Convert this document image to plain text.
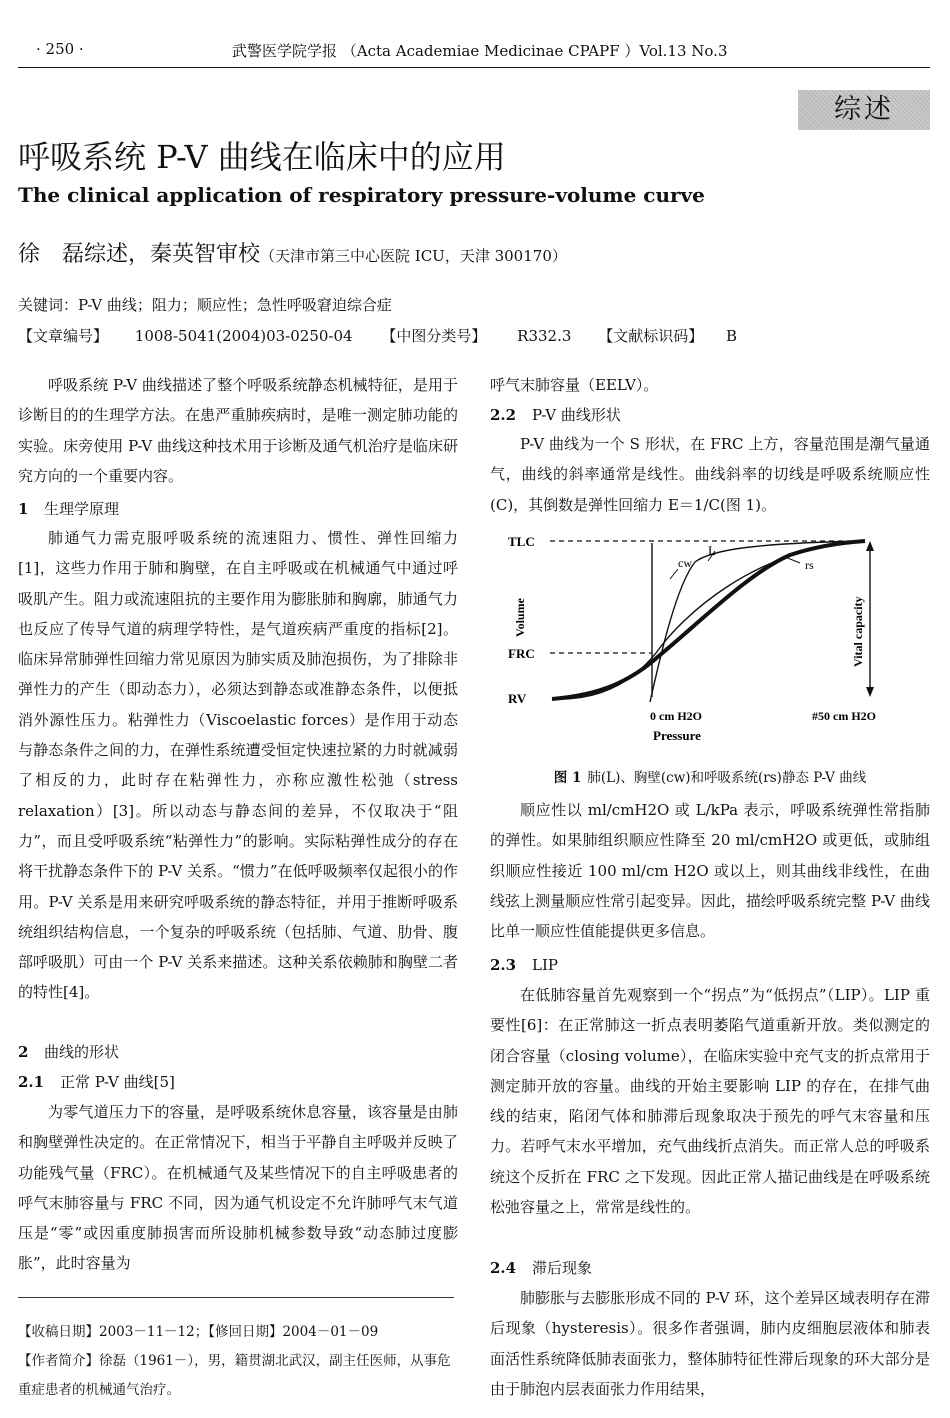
· 250 ·	武警医学院学报 （Acta Academiae Medicinae CPAPF ）Vol.13 No.3
综述
呼吸系统 P-V 曲线在临床中的应用
The clinical application of respiratory pressure-volume curve
徐　磊综述，秦英智审校（天津市第三中心医院 ICU，天津 300170）
关键词：P-V 曲线；阻力；顺应性；急性呼吸窘迫综合症
【文章编号】 1008-5041(2004)03-0250-04 【中图分类号】 R332.3 【文献标识码】 B

呼吸系统 P-V 曲线描述了整个呼吸系统静态机械特征，是用于诊断目的的生理学方法。在患严重肺疾病时，是唯一测定肺功能的实验。床旁使用 P-V 曲线这种技术用于诊断及通气机治疗是临床研究方向的一个重要内容。

1 生理学原理

肺通气力需克服呼吸系统的流速阻力、惯性、弹性回缩力[1]，这些力作用于肺和胸壁，在自主呼吸或在机械通气中通过呼吸肌产生。阻力或流速阻抗的主要作用为膨胀肺和胸廓，肺通气力也反应了传导气道的病理学特性，是气道疾病严重度的指标[2]。临床异常肺弹性回缩力常见原因为肺实质及肺泡损伤，为了排除非弹性力的产生（即动态力），必须达到静态或准静态条件，以便抵消外源性压力。粘弹性力（Viscoelastic forces）是作用于动态与静态条件之间的力，在弹性系统遭受恒定快速拉紧的力时就减弱了相反的力，此时存在粘弹性力，亦称应激性松弛（stress relaxation）[3]。所以动态与静态间的差异，不仅取决于“阻力”，而且受呼吸系统“粘弹性力”的影响。实际粘弹性成分的存在将干扰静态条件下的 P-V 关系。“惯力”在低呼吸频率仅起很小的作用。P-V 关系是用来研究呼吸系统的静态特征，并用于推断呼吸系统组织结构信息，一个复杂的呼吸系统（包括肺、气道、肋骨、腹部呼吸肌）可由一个 P-V 关系来描述。这种关系依赖肺和胸壁二者的特性[4]。

2 曲线的形状
2.1 正常 P-V 曲线[5]

为零气道压力下的容量，是呼吸系统休息容量，该容量是由肺和胸壁弹性决定的。在正常情况下，相当于平静自主呼吸并反映了功能残气量（FRC）。在机械通气及某些情况下的自主呼吸患者的呼气末肺容量与 FRC 不同，因为通气机设定不允许肺呼气末气道压是“零”或因重度肺损害而所设肺机械参数导致“动态肺过度膨胀”，此时容量为

【收稿日期】2003－11－12；【修回日期】2004－01－09

【作者简介】徐磊（1961－），男，籍贯湖北武汉，副主任医师，从事危重症患者的机械通气治疗。

呼气末肺容量（EELV）。

2.2 P-V 曲线形状

P-V 曲线为一个 S 形状，在 FRC 上方，容量范围是潮气量通气，曲线的斜率通常是线性。曲线斜率的切线是呼吸系统顺应性(C)，其倒数是弹性回缩力 E＝1/C(图 1)。

顺应性以 ml/cmH2O 或 L/kPa 表示，呼吸系统弹性常指肺的弹性。如果肺组织顺应性降至 20 ml/cmH2O 或更低，或肺组织顺应性接近 100 ml/cm H2O 或以上，则其曲线非线性，在曲线弦上测量顺应性常引起变异。因此，描绘呼吸系统完整 P-V 曲线比单一顺应性值能提供更多信息。

2.3 LIP

在低肺容量首先观察到一个“拐点”为“低拐点”（LIP）。LIP 重要性[6]：在正常肺这一折点表明萎陷气道重新开放。类似测定的闭合容量（closing volume），在临床实验中充气支的折点常用于测定肺开放的容量。曲线的开始主要影响 LIP 的存在，在排气曲线的结束，陷闭气体和肺滞后现象取决于预先的呼气末容量和压力。若呼气末水平增加，充气曲线折点消失。而正常人总的呼吸系统这个反折在 FRC 之下发现。因此正常人描记曲线是在呼吸系统松弛容量之上，常常是线性的。

2.4 滞后现象

肺膨胀与去膨胀形成不同的 P-V 环，这个差异区域表明存在滞后现象（hysteresis）。很多作者强调，肺内皮细胞层液体和肺表面活性系统降低肺表面张力，整体肺特征性滞后现象的环大部分是由于肺泡内层表面张力作用结果，

TLC
FRC
RV
Volume	Vital capacity
cw
L
rs
0 cm H2O	#50 cm H2O
Pressure
图 1 肺(L)、胸壁(cw)和呼吸系统(rs)静态 P-V 曲线
